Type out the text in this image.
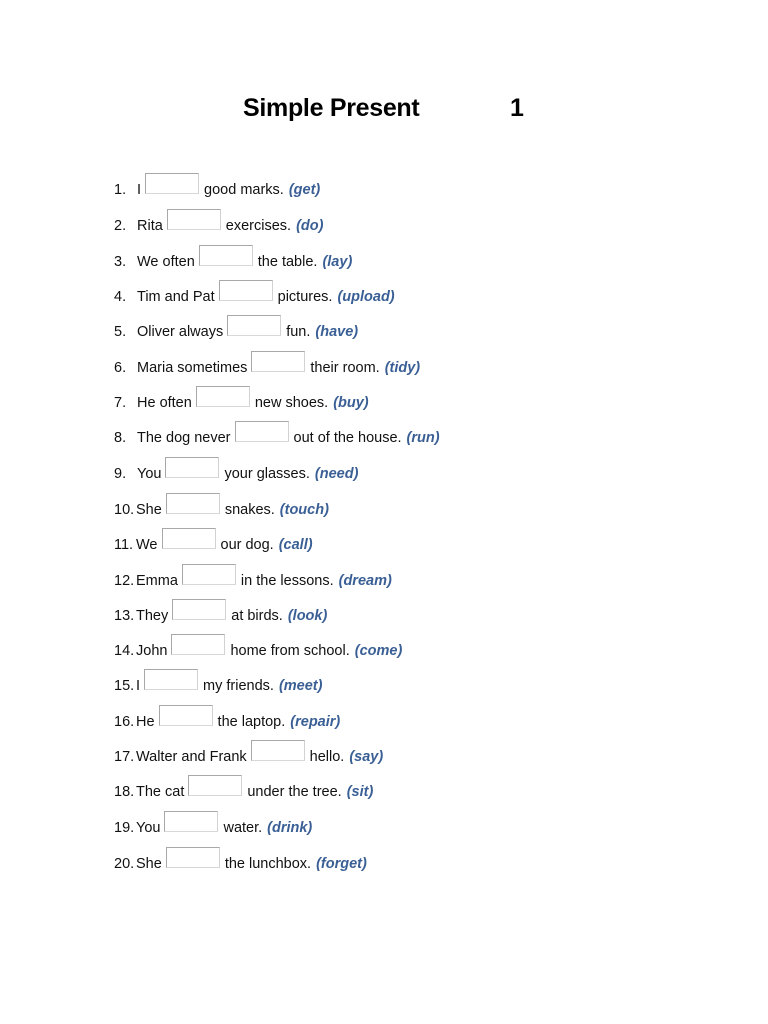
Simple Present	1
1. I	good marks. (get)
2. Rita	exercises. (do)
3. We often	the table. (lay)
4. Tim and Pat	pictures. (upload)
5. Oliver always	fun. (have)
6. Maria sometimes	their room. (tidy)
7. He often	new shoes. (buy)
8. The dog never	out of the house. (run)
9. You	your glasses. (need)
10. She	snakes. (touch)
11. We	our dog. (call)
12. Emma	in the lessons. (dream)
13. They	at birds. (look)
14. John	home from school. (come)
15. I	my friends. (meet)
16. He	the laptop. (repair)
17. Walter and Frank	hello. (say)
18. The cat	under the tree. (sit)
19. You	water. (drink)
20. She	the lunchbox. (forget)
